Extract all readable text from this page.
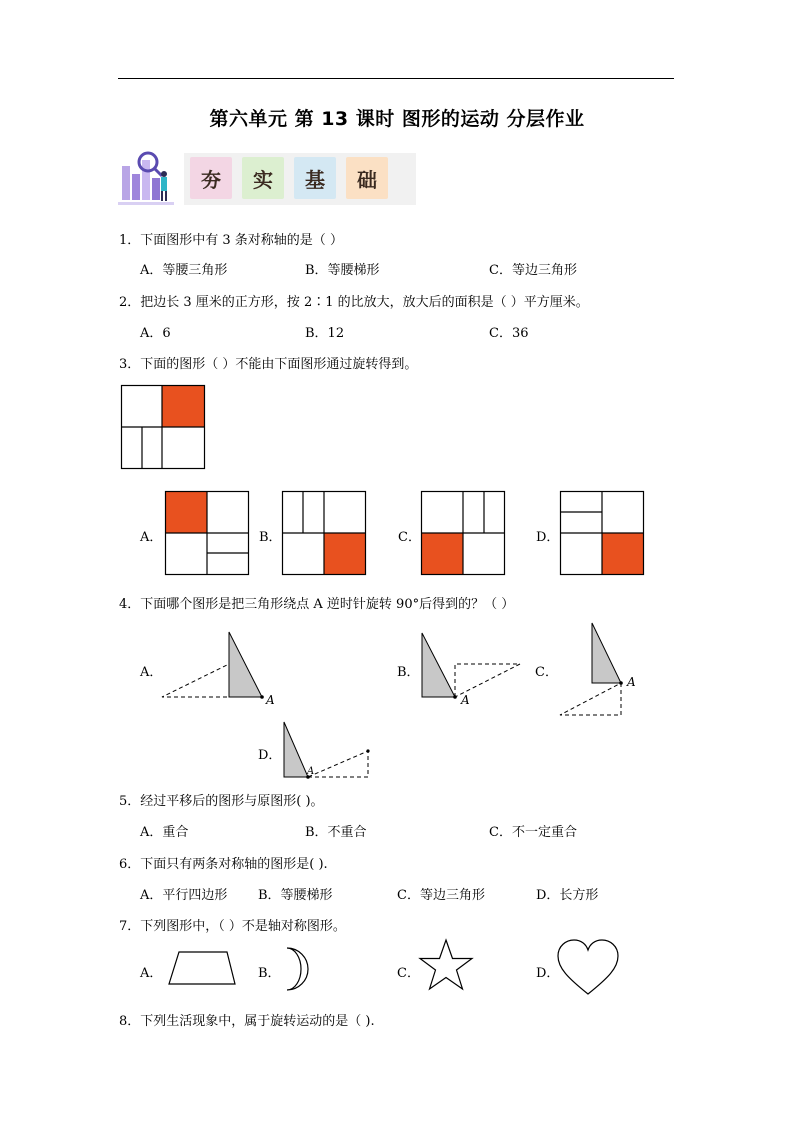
第六单元 第 13 课时 图形的运动 分层作业
夯	实	基	础
1．下面图形中有 3 条对称轴的是（ ）
A．等腰三角形	B．等腰梯形	C．等边三角形
2．把边长 3 厘米的正方形，按 2∶1 的比放大，放大后的面积是（ ）平方厘米。
A．6	B．12	C．36
3．下面的图形（ ）不能由下面图形通过旋转得到。
A．	B．	C．	D．
4．下面哪个图形是把三角形绕点 A 逆时针旋转 90°后得到的？（ ）
A．
A
B．
A
C．
A
D．
A
5．经过平移后的图形与原图形( )。
A．重合	B．不重合	C．不一定重合
6．下面只有两条对称轴的图形是( ).
A．平行四边形 B．等腰梯形	C．等边三角形	D．长方形
7．下列图形中，（ ）不是轴对称图形。
A．	B．	C．	D．
8．下列生活现象中，属于旋转运动的是（ ).
